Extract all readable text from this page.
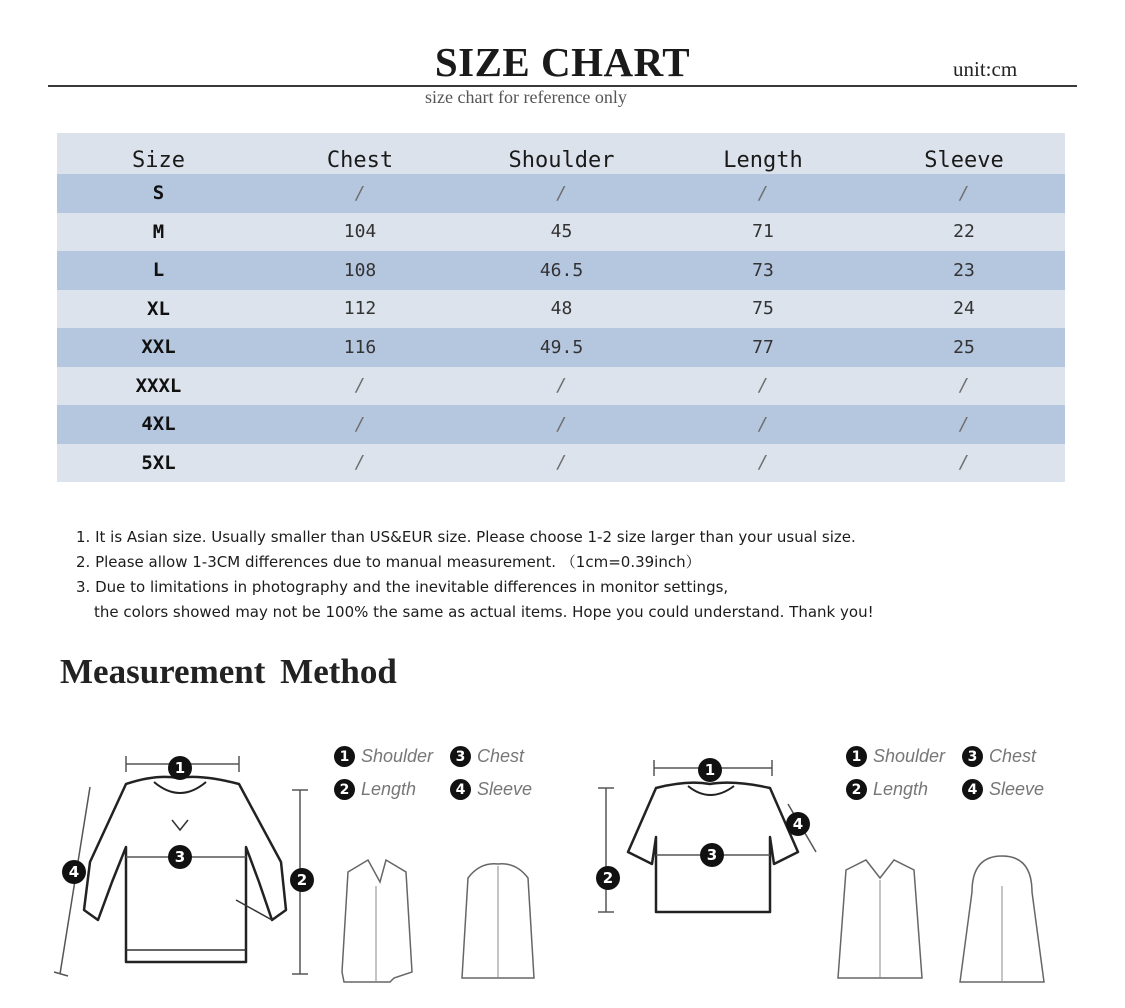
SIZE CHART	unit:cm
size chart for reference only
Size	Chest	Shoulder	Length	Sleeve
S	/	/	/	/
M	104	45	71	22
L	108	46.5	73	23
XL	112	48	75	24
XXL	116	49.5	77	25
XXXL	/	/	/	/
4XL	/	/	/	/
5XL	/	/	/	/
1. It is Asian size. Usually smaller than US&EUR size. Please choose 1-2 size larger than your usual size.
2. Please allow 1-3CM differences due to manual measurement. （1cm=0.39inch）
3. Due to limitations in photography and the inevitable differences in monitor settings,
the colors showed may not be 100% the same as actual items. Hope you could understand. Thank you!
Measurement Method
1
3
2
4
1 Shoulder	3 Chest
2 Length	4 Sleeve
1
3
2
4
1 Shoulder	3 Chest
2 Length	4 Sleeve
